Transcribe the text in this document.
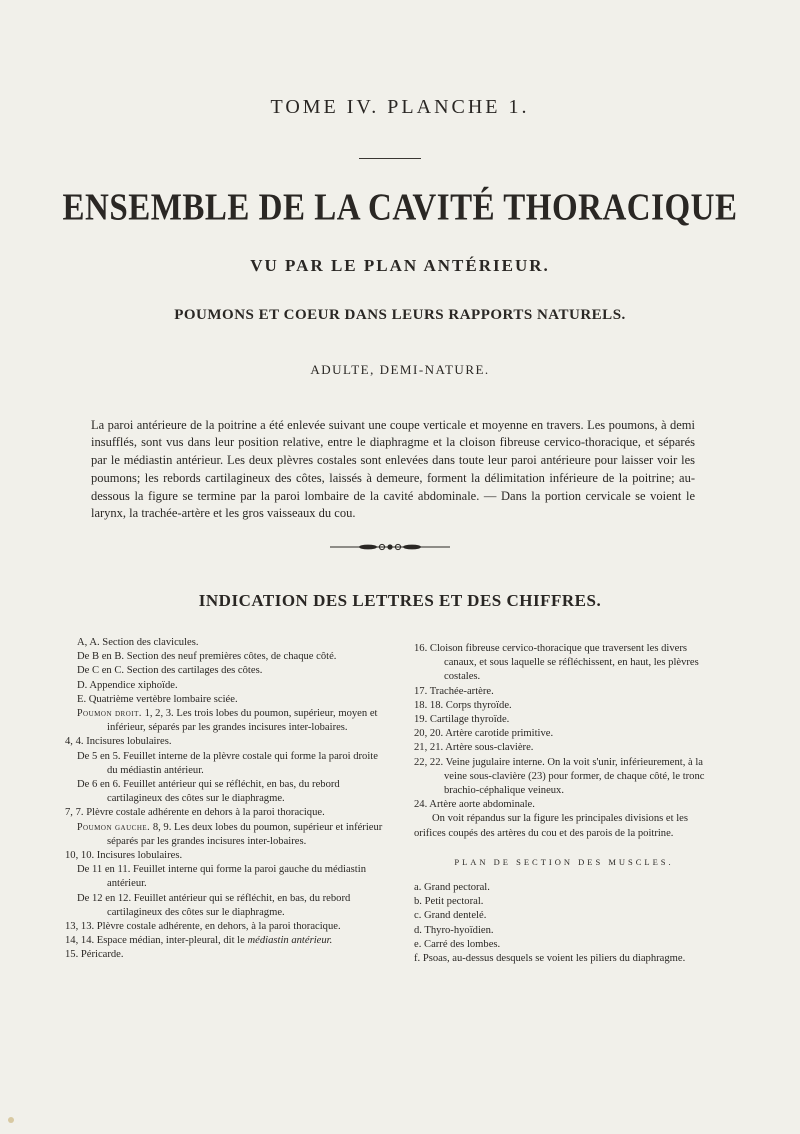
TOME IV. PLANCHE 1.
ENSEMBLE DE LA CAVITÉ THORACIQUE
VU PAR LE PLAN ANTÉRIEUR.
POUMONS ET COEUR DANS LEURS RAPPORTS NATURELS.
ADULTE, DEMI-NATURE.

La paroi antérieure de la poitrine a été enlevée suivant une coupe verticale et moyenne en travers. Les poumons, à demi insufflés, sont vus dans leur position relative, entre le diaphragme et la cloison fibreuse cervico-thoracique, et séparés par le médiastin antérieur. Les deux plèvres costales sont enlevées dans toute leur paroi antérieure pour laisser voir les poumons; les rebords cartilagineux des côtes, laissés à demeure, forment la délimitation inférieure de la poitrine; au-dessous la figure se termine par la paroi lombaire de la cavité abdominale. — Dans la portion cervicale se voient le larynx, la trachée-artère et les gros vaisseaux du cou.

INDICATION DES LETTRES ET DES CHIFFRES.

A, A. Section des clavicules.

De B en B. Section des neuf premières côtes, de chaque côté.

De C en C. Section des cartilages des côtes.

D. Appendice xiphoïde.

E. Quatrième vertèbre lombaire sciée.

Poumon droit. 1, 2, 3. Les trois lobes du poumon, supérieur, moyen et inférieur, séparés par les grandes incisures inter-lobaires.

4, 4. Incisures lobulaires.

De 5 en 5. Feuillet interne de la plèvre costale qui forme la paroi droite du médiastin antérieur.

De 6 en 6. Feuillet antérieur qui se réfléchit, en bas, du rebord cartilagineux des côtes sur le diaphragme.

7, 7. Plèvre costale adhérente en dehors à la paroi thoracique.

Poumon gauche. 8, 9. Les deux lobes du poumon, supérieur et inférieur séparés par les grandes incisures inter-lobaires.

10, 10. Incisures lobulaires.

De 11 en 11. Feuillet interne qui forme la paroi gauche du médiastin antérieur.

De 12 en 12. Feuillet antérieur qui se réfléchit, en bas, du rebord cartilagineux des côtes sur le diaphragme.

13, 13. Plèvre costale adhérente, en dehors, à la paroi thoracique.

14, 14. Espace médian, inter-pleural, dit le médiastin antérieur.

15. Péricarde.

16. Cloison fibreuse cervico-thoracique que traversent les divers canaux, et sous laquelle se réfléchissent, en haut, les plèvres costales.

17. Trachée-artère.

18. 18. Corps thyroïde.

19. Cartilage thyroïde.

20, 20. Artère carotide primitive.

21, 21. Artère sous-clavière.

22, 22. Veine jugulaire interne. On la voit s'unir, inférieurement, à la veine sous-clavière (23) pour former, de chaque côté, le tronc brachio-céphalique veineux.

24. Artère aorte abdominale.

On voit répandus sur la figure les principales divisions et les orifices coupés des artères du cou et des parois de la poitrine.

PLAN DE SECTION DES MUSCLES.

a. Grand pectoral.

b. Petit pectoral.

c. Grand dentelé.

d. Thyro-hyoïdien.

e. Carré des lombes.

f. Psoas, au-dessus desquels se voient les piliers du diaphragme.
